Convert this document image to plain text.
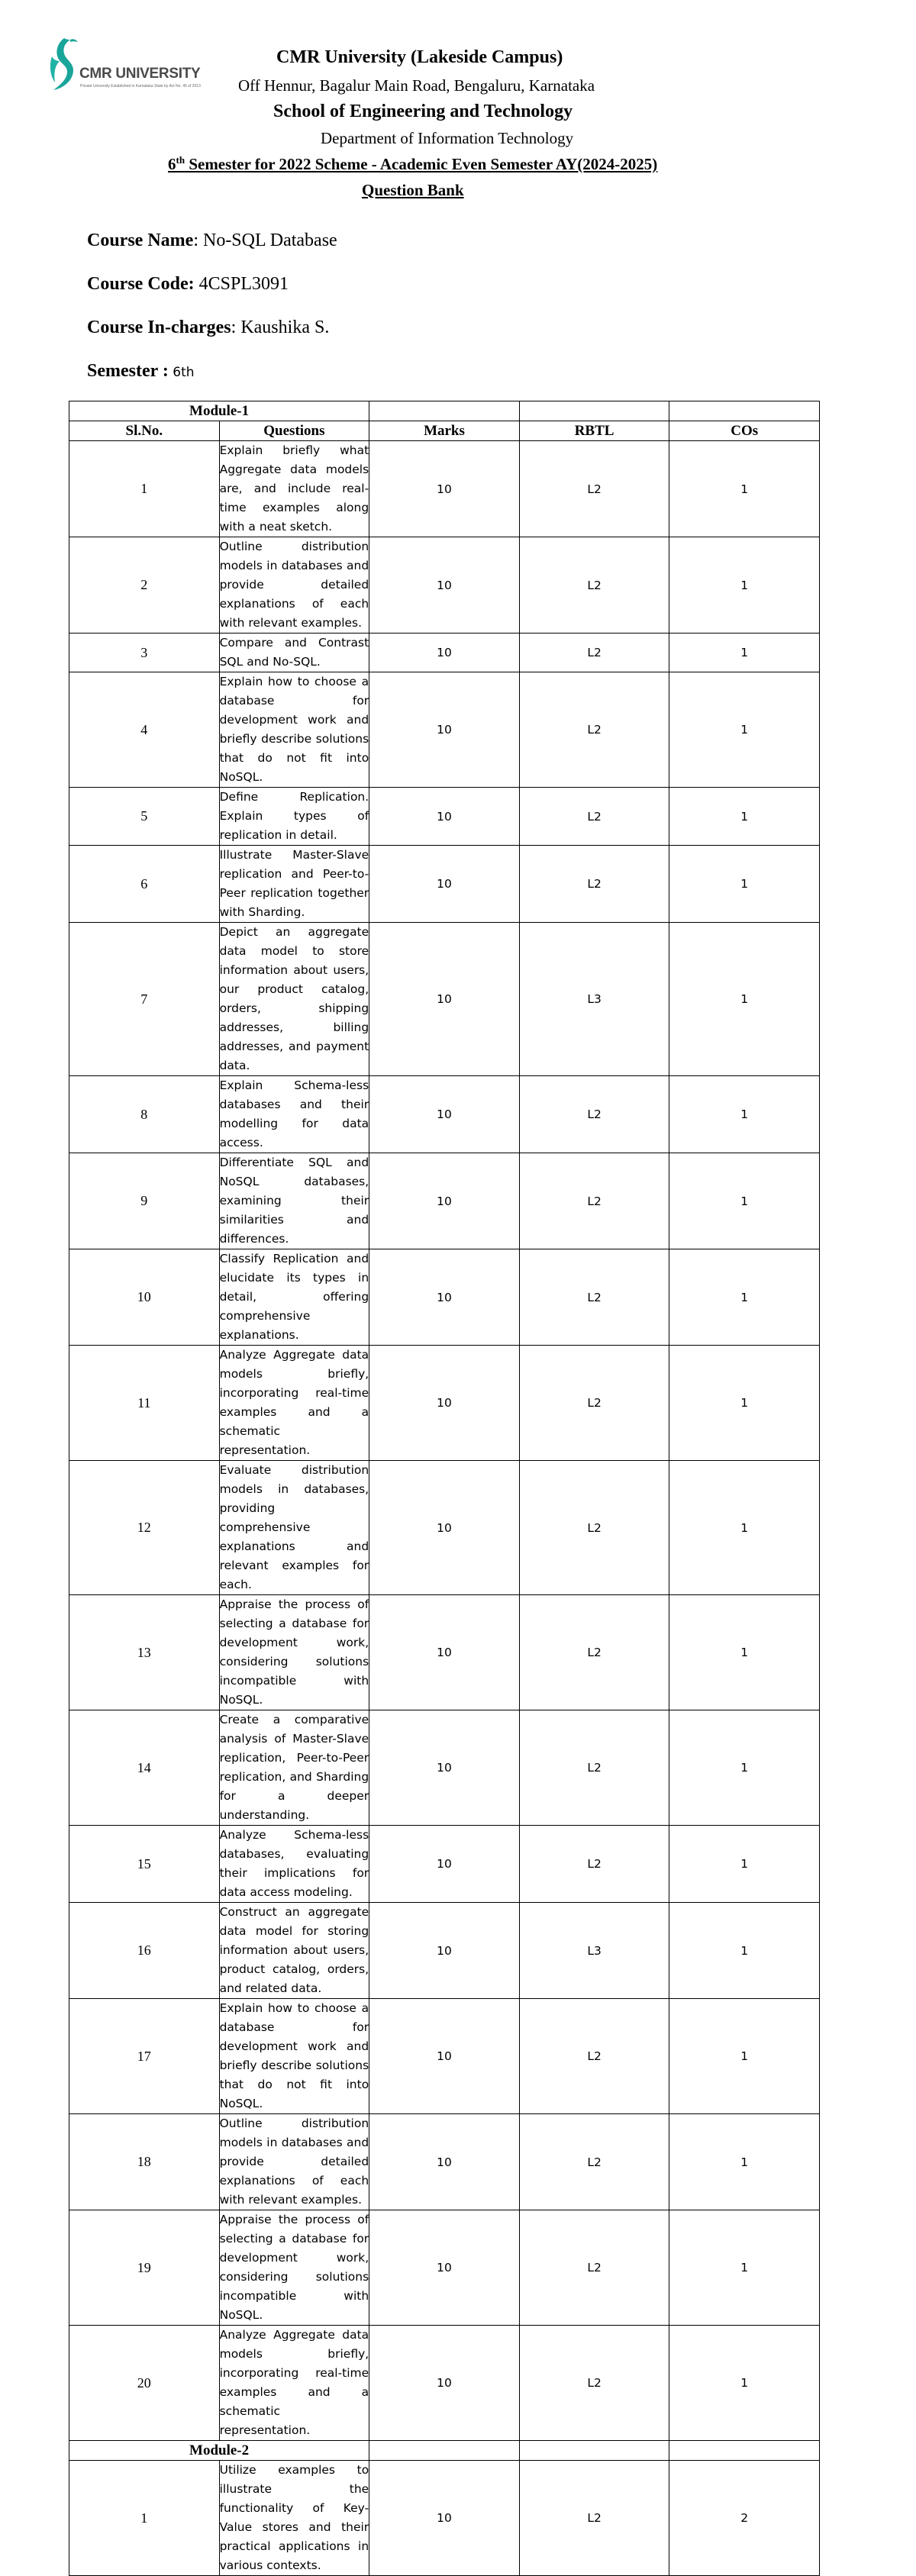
CMR UNIVERSITY
Private University Established in Karnataka State by Act No. 45 of 2013
CMR University (Lakeside Campus)
Off Hennur, Bagalur Main Road, Bengaluru, Karnataka
School of Engineering and Technology
Department of Information Technology
6th Semester for 2022 Scheme - Academic Even Semester AY(2024-2025)
Question Bank
Course Name: No-SQL Database
Course Code: 4CSPL3091
Course In-charges: Kaushika S.
Semester : 6th
Module-1				
Sl.No.	Questions	Marks	RBTL	COs
1	Explain briefly what Aggregate data models are, and include real-time examples along with a neat sketch.	10	L2	1
2	Outline distribution models in databases and provide detailed explanations of each with relevant examples.	10	L2	1
3	Compare and Contrast SQL and No-SQL.	10	L2	1
4	Explain how to choose a database for development work and briefly describe solutions that do not fit into NoSQL.	10	L2	1
5	Define Replication. Explain types of replication in detail.	10	L2	1
6	Illustrate Master-Slave replication and Peer-to-Peer replication together with Sharding.	10	L2	1
7	Depict an aggregate data model to store information about users, our product catalog, orders, shipping addresses, billing addresses, and payment data.	10	L3	1
8	Explain Schema-less databases and their modelling for data access.	10	L2	1
9	Differentiate SQL and NoSQL databases, examining their similarities and differences.	10	L2	1
10	Classify Replication and elucidate its types in detail, offering comprehensive explanations.	10	L2	1
11	Analyze Aggregate data models briefly, incorporating real-time examples and a schematic representation.	10	L2	1
12	Evaluate distribution models in databases, providing comprehensive explanations and relevant examples for each.	10	L2	1
13	Appraise the process of selecting a database for development work, considering solutions incompatible with NoSQL.	10	L2	1
14	Create a comparative analysis of Master-Slave replication, Peer-to-Peer replication, and Sharding for a deeper understanding.	10	L2	1
15	Analyze Schema-less databases, evaluating their implications for data access modeling.	10	L2	1
16	Construct an aggregate data model for storing information about users, product catalog, orders, and related data.	10	L3	1
17	Explain how to choose a database for development work and briefly describe solutions that do not fit into NoSQL.	10	L2	1
18	Outline distribution models in databases and provide detailed explanations of each with relevant examples.	10	L2	1
19	Appraise the process of selecting a database for development work, considering solutions incompatible with NoSQL.	10	L2	1
20	Analyze Aggregate data models briefly, incorporating real-time examples and a schematic representation.	10	L2	1
Module-2				
1	Utilize examples to illustrate the functionality of Key-Value stores and their practical applications in various contexts.	10	L2	2
